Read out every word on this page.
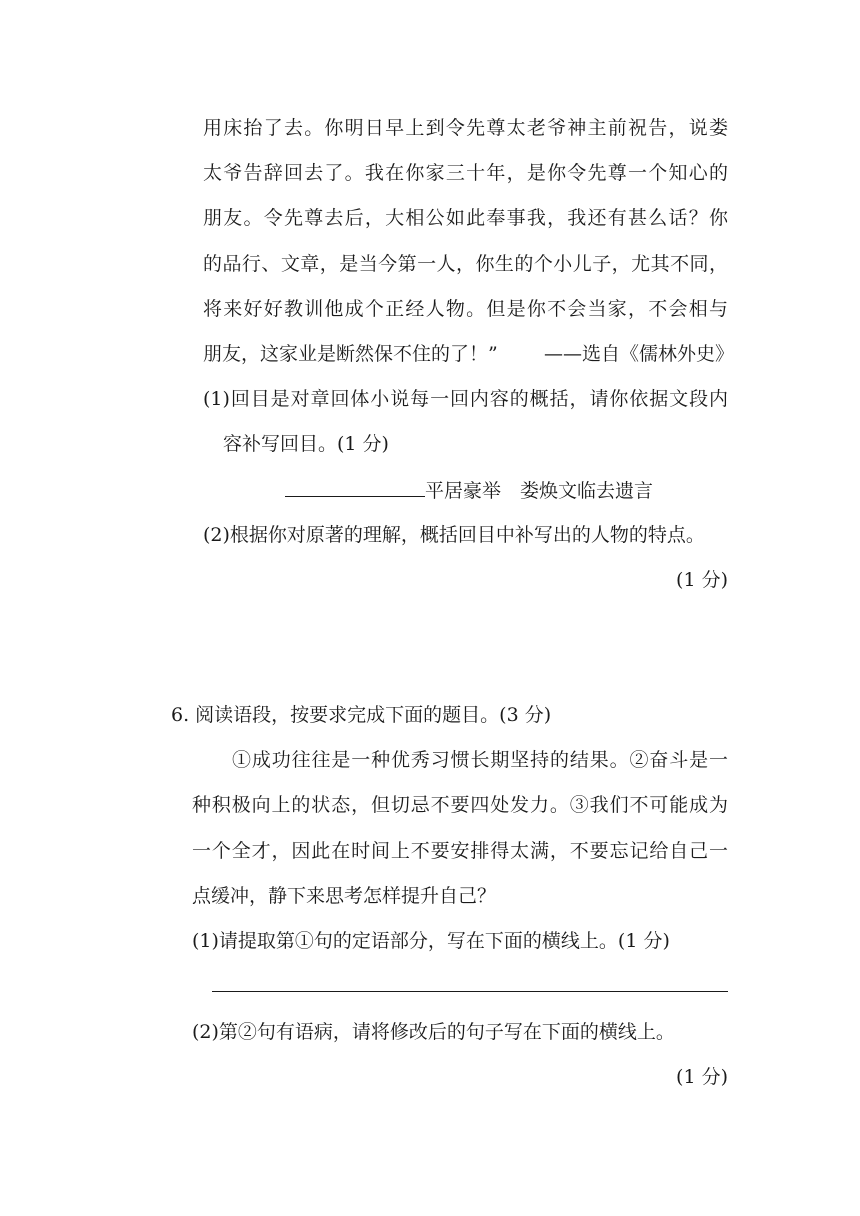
用床抬了去。你明日早上到令先尊太老爷神主前祝告，说娄
太爷告辞回去了。我在你家三十年，是你令先尊一个知心的
朋友。令先尊去后，大相公如此奉事我，我还有甚么话？你
的品行、文章，是当今第一人，你生的个小儿子，尤其不同，
将来好好教训他成个正经人物。但是你不会当家，不会相与
朋友，这家业是断然保不住的了！” ——选自《儒林外史》
(1)回目是对章回体小说每一回内容的概括，请你依据文段内
容补写回目。(1 分)
平居豪举　娄焕文临去遗言
(2)根据你对原著的理解，概括回目中补写出的人物的特点。
(1 分)
6. 阅读语段，按要求完成下面的题目。(3 分)
①成功往往是一种优秀习惯长期坚持的结果。②奋斗是一
种积极向上的状态，但切忌不要四处发力。③我们不可能成为
一个全才，因此在时间上不要安排得太满，不要忘记给自己一
点缓冲，静下来思考怎样提升自己？
(1)请提取第①句的定语部分，写在下面的横线上。(1 分)
(2)第②句有语病，请将修改后的句子写在下面的横线上。
(1 分)
